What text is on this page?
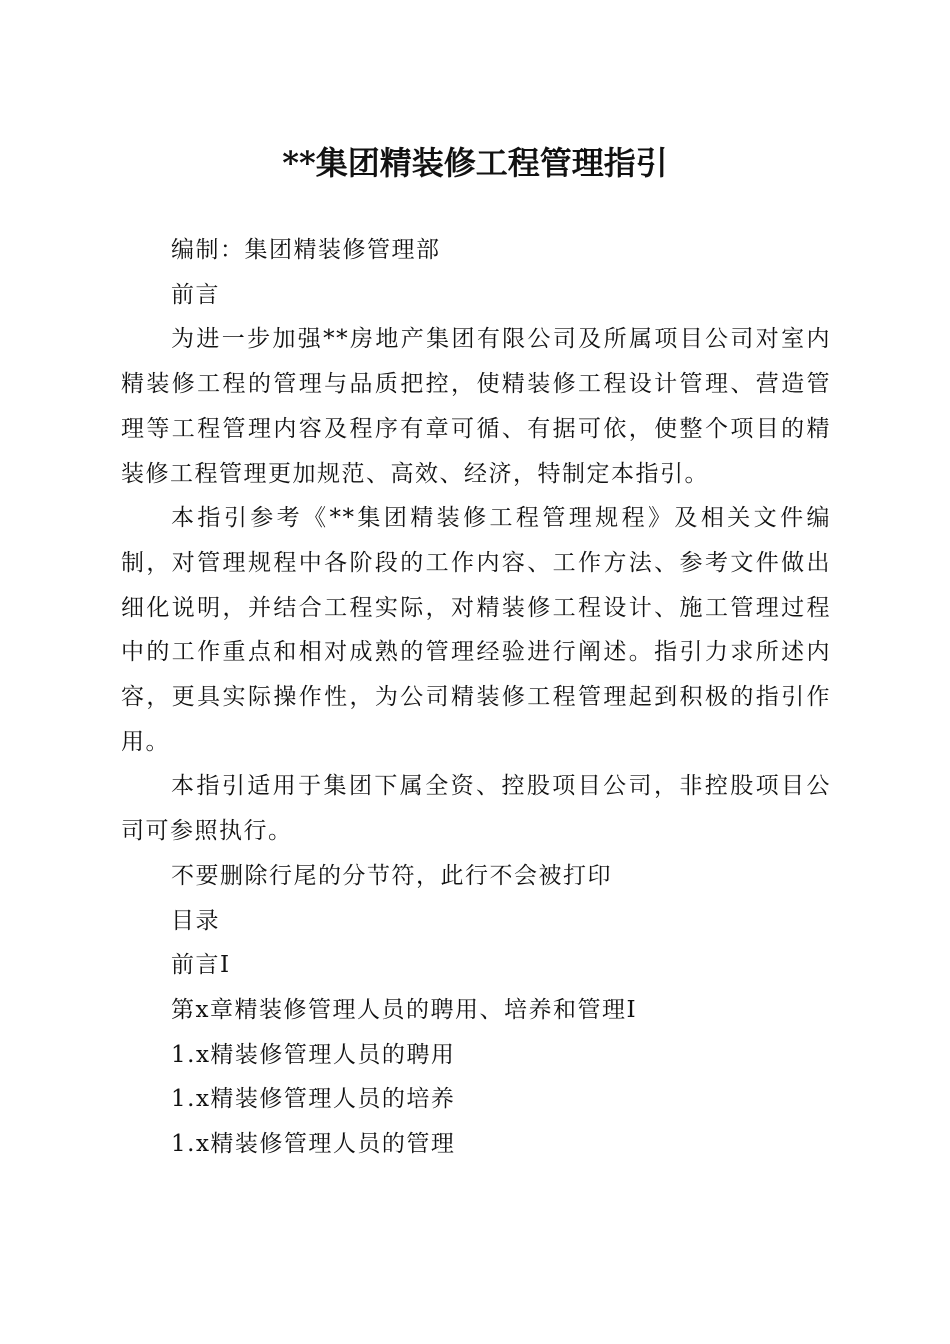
**集团精装修工程管理指引

编制：集团精装修管理部

前言

为进一步加强**房地产集团有限公司及所属项目公司对室内精装修工程的管理与品质把控，使精装修工程设计管理、营造管理等工程管理内容及程序有章可循、有据可依，使整个项目的精装修工程管理更加规范、高效、经济，特制定本指引。

本指引参考《**集团精装修工程管理规程》及相关文件编制，对管理规程中各阶段的工作内容、工作方法、参考文件做出细化说明，并结合工程实际，对精装修工程设计、施工管理过程中的工作重点和相对成熟的管理经验进行阐述。指引力求所述内容，更具实际操作性，为公司精装修工程管理起到积极的指引作用。

本指引适用于集团下属全资、控股项目公司，非控股项目公司可参照执行。

不要删除行尾的分节符，此行不会被打印

目录

前言Ⅰ

第x章精装修管理人员的聘用、培养和管理Ⅰ

1.x精装修管理人员的聘用

1.x精装修管理人员的培养

1.x精装修管理人员的管理
